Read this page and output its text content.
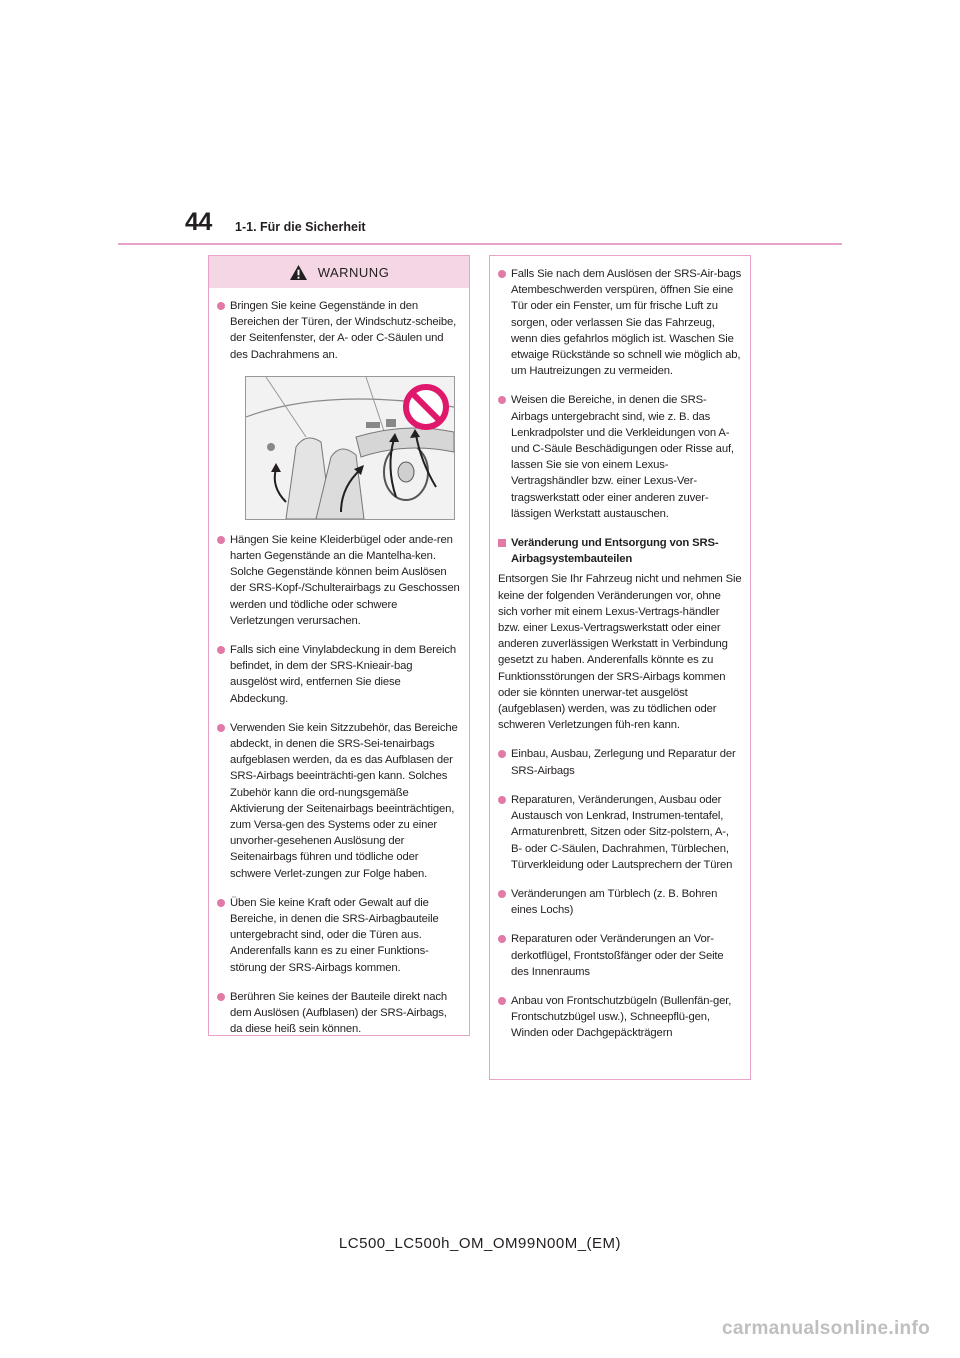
44 1-1. Für die Sicherheit
WARNUNG
Bringen Sie keine Gegenstände in den Bereichen der Türen, der Windschutz-scheibe, der Seitenfenster, der A- oder C-Säulen und des Dachrahmens an.
Hängen Sie keine Kleiderbügel oder ande-ren harten Gegenstände an die Mantelha-ken. Solche Gegenstände können beim Auslösen der SRS-Kopf-/Schulterairbags zu Geschossen werden und tödliche oder schwere Verletzungen verursachen.
Falls sich eine Vinylabdeckung in dem Bereich befindet, in dem der SRS-Knieair-bag ausgelöst wird, entfernen Sie diese Abdeckung.
Verwenden Sie kein Sitzzubehör, das Bereiche abdeckt, in denen die SRS-Sei-tenairbags aufgeblasen werden, da es das Aufblasen der SRS-Airbags beeinträchti-gen kann. Solches Zubehör kann die ord-nungsgemäße Aktivierung der Seitenairbags beeinträchtigen, zum Versa-gen des Systems oder zu einer unvorher-gesehenen Auslösung der Seitenairbags führen und tödliche oder schwere Verlet-zungen zur Folge haben.
Üben Sie keine Kraft oder Gewalt auf die Bereiche, in denen die SRS-Airbagbauteile untergebracht sind, oder die Türen aus. Anderenfalls kann es zu einer Funktions-störung der SRS-Airbags kommen.
Berühren Sie keines der Bauteile direkt nach dem Auslösen (Aufblasen) der SRS-Airbags, da diese heiß sein können.
Falls Sie nach dem Auslösen der SRS-Air-bags Atembeschwerden verspüren, öffnen Sie eine Tür oder ein Fenster, um für frische Luft zu sorgen, oder verlassen Sie das Fahrzeug, wenn dies gefahrlos möglich ist. Waschen Sie etwaige Rückstände so schnell wie möglich ab, um Hautreizungen zu vermeiden.
Weisen die Bereiche, in denen die SRS-Airbags untergebracht sind, wie z. B. das Lenkradpolster und die Verkleidungen von A- und C-Säule Beschädigungen oder Risse auf, lassen Sie sie von einem Lexus-Vertragshändler bzw. einer Lexus-Ver-tragswerkstatt oder einer anderen zuver-lässigen Werkstatt austauschen.
Veränderung und Entsorgung von SRS-Airbagsystembauteilen
Entsorgen Sie Ihr Fahrzeug nicht und nehmen Sie keine der folgenden Veränderungen vor, ohne sich vorher mit einem Lexus-Vertrags-händler bzw. einer Lexus-Vertragswerkstatt oder einer anderen zuverlässigen Werkstatt in Verbindung gesetzt zu haben. Anderenfalls könnte es zu Funktionsstörungen der SRS-Airbags kommen oder sie könnten unerwar-tet ausgelöst (aufgeblasen) werden, was zu tödlichen oder schweren Verletzungen füh-ren kann.
Einbau, Ausbau, Zerlegung und Reparatur der SRS-Airbags
Reparaturen, Veränderungen, Ausbau oder Austausch von Lenkrad, Instrumen-tentafel, Armaturenbrett, Sitzen oder Sitz-polstern, A-, B- oder C-Säulen, Dachrahmen, Türblechen, Türverkleidung oder Lautsprechern der Türen
Veränderungen am Türblech (z. B. Bohren eines Lochs)
Reparaturen oder Veränderungen an Vor-derkotflügel, Frontstoßfänger oder der Seite des Innenraums
Anbau von Frontschutzbügeln (Bullenfän-ger, Frontschutzbügel usw.), Schneepflü-gen, Winden oder Dachgepäckträgern
LC500_LC500h_OM_OM99N00M_(EM)
carmanualsonline.info
